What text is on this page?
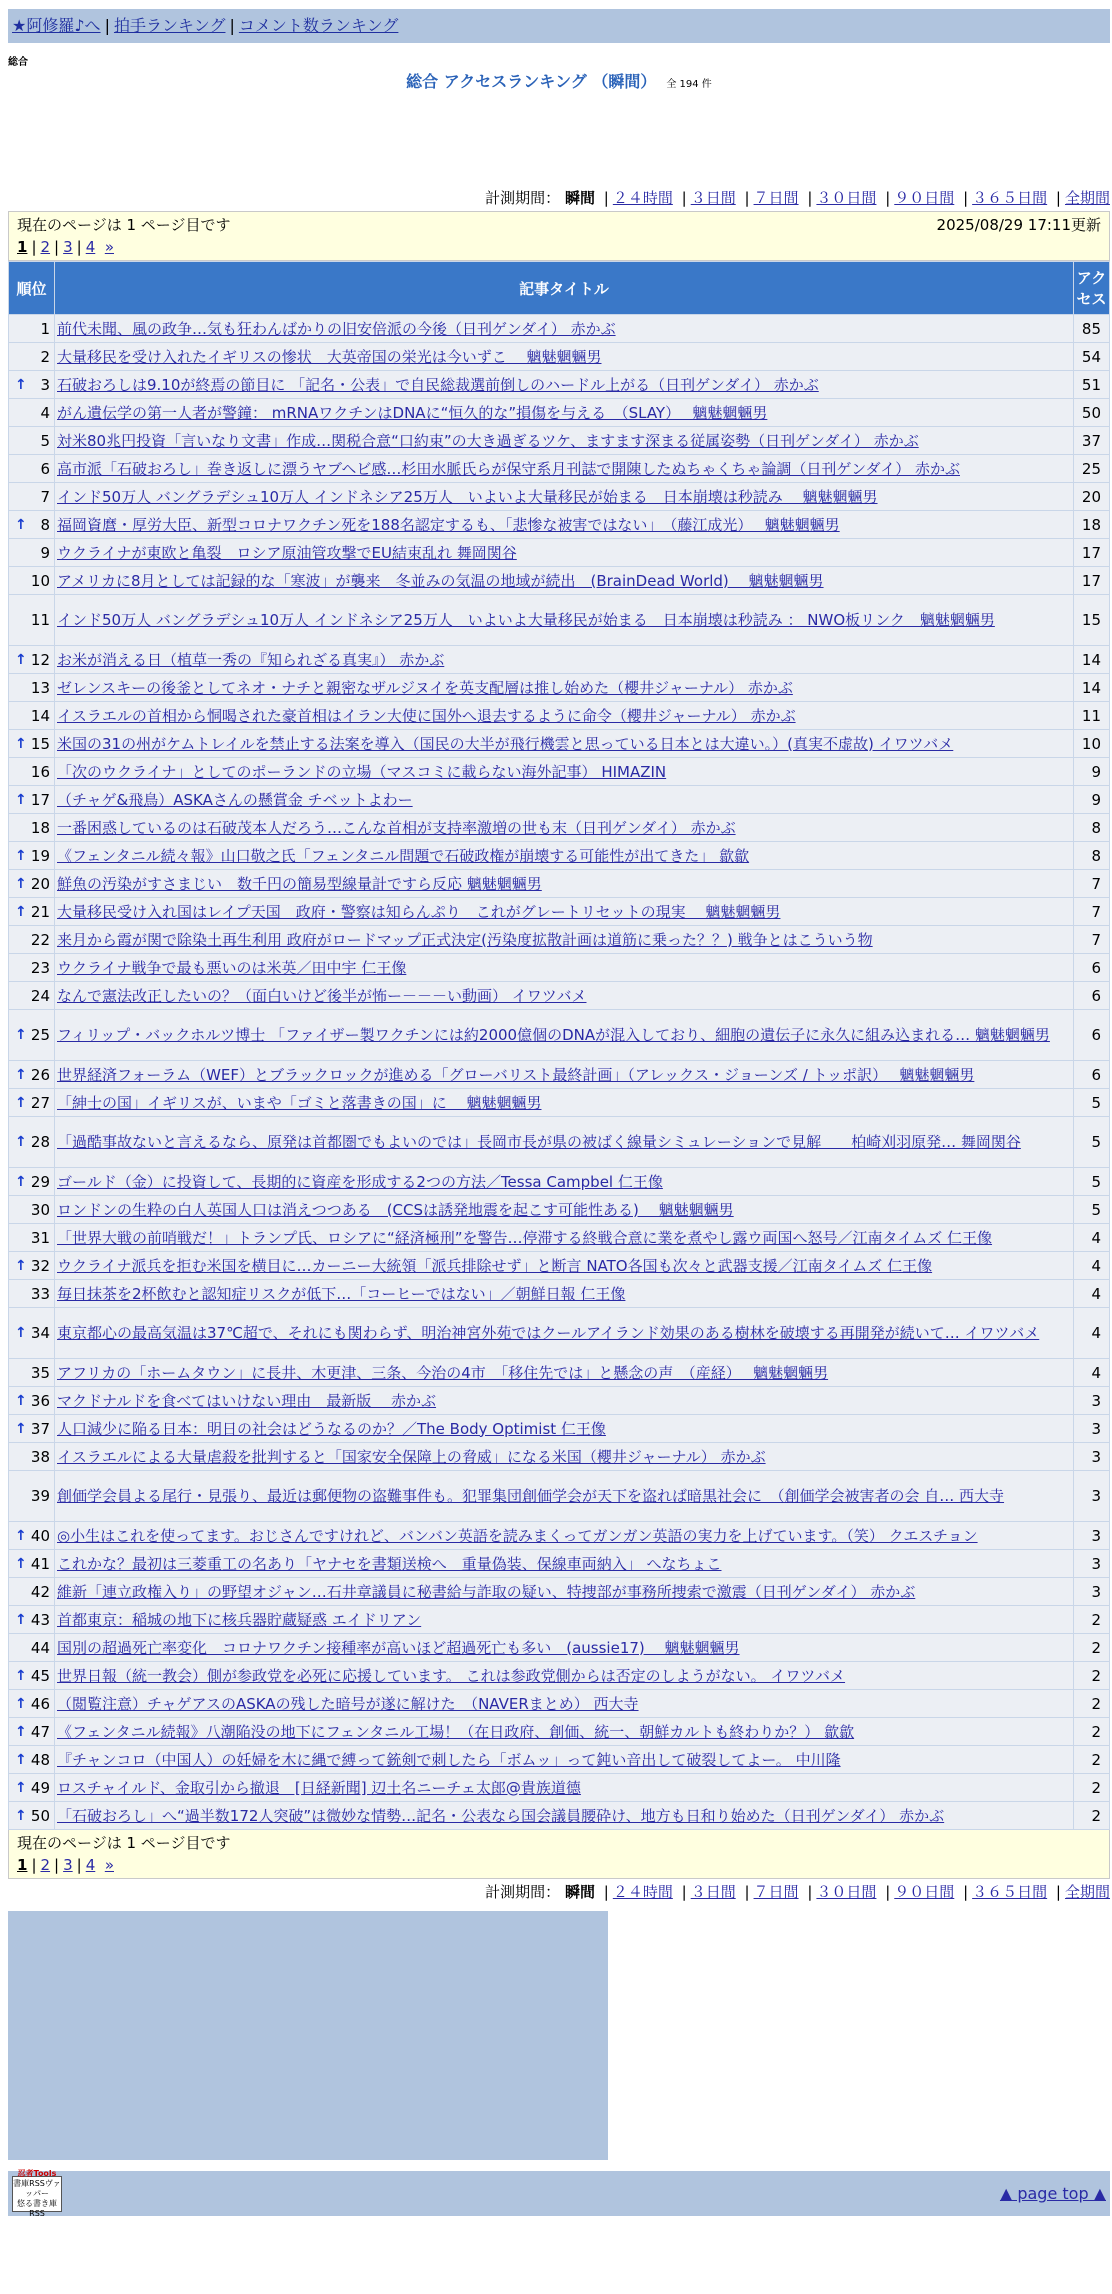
★阿修羅♪へ | 拍手ランキング | コメント数ランキング
総合
総合 アクセスランキング （瞬間） 全 194 件
計測期間： 瞬間 | ２４時間 | ３日間 | ７日間 | ３０日間 | ９０日間 | ３６５日間 | 全期間
現在のページは 1 ページ目です	2025/08/29 17:11更新
1 | 2 | 3 | 4 »
順位	記事タイトル	アクセス
1	前代未聞、風の政争…気も狂わんばかりの旧安倍派の今後（日刊ゲンダイ） 赤かぶ	85
2	大量移民を受け入れたイギリスの惨状　大英帝国の栄光は今いずこ　 魑魅魍魎男	54

↑ 3	石破おろしは9.10が終焉の節目に 「記名・公表」で自民総裁選前倒しのハードル上がる（日刊ゲンダイ） 赤かぶ	51
4	がん遺伝学の第一人者が警鐘： mRNAワクチンはDNAに“恒久的な”損傷を与える　（SLAY）　 魑魅魍魎男	50
5	対米80兆円投資「言いなり文書」作成…関税合意“口約束”の大き過ぎるツケ、ますます深まる従属姿勢（日刊ゲンダイ） 赤かぶ	37
6	高市派「石破おろし」巻き返しに漂うヤブヘビ感…杉田水脈氏らが保守系月刊誌で開陳したぬちゃくちゃ論調（日刊ゲンダイ） 赤かぶ	25
7	インド50万人 バングラデシュ10万人 インドネシア25万人　いよいよ大量移民が始まる　日本崩壊は秒読み　 魑魅魍魎男	20

↑ 8	福岡資麿・厚労大臣、新型コロナワクチン死を188名認定するも、「悲惨な被害ではない」　（藤江成光）　 魑魅魍魎男	18
9	ウクライナが東欧と亀裂　ロシア原油管攻撃でEU結束乱れ 舞岡関谷	17
10	アメリカに8月としては記録的な「寒波」が襲来　冬並みの気温の地域が続出　(BrainDead World)　 魑魅魍魎男	17
11	インド50万人 バングラデシュ10万人 インドネシア25万人　いよいよ大量移民が始まる　日本崩壊は秒読み ： NWO板リンク　魑魅魍魎男	15

↑ 12	お米が消える日（植草一秀の『知られざる真実』） 赤かぶ	14
13	ゼレンスキーの後釜としてネオ・ナチと親密なザルジヌイを英支配層は推し始めた（櫻井ジャーナル） 赤かぶ	14
14	イスラエルの首相から恫喝された豪首相はイラン大使に国外へ退去するように命令（櫻井ジャーナル） 赤かぶ	11

↑ 15	米国の31の州がケムトレイルを禁止する法案を導入（国民の大半が飛行機雲と思っている日本とは大違い。）(真実不虚故) イワツバメ	10
16	「次のウクライナ」としてのポーランドの立場（マスコミに載らない海外記事） HIMAZIN	9

↑ 17	（チャゲ&飛鳥）ASKAさんの懸賞金 チベットよわー	9
18	一番困惑しているのは石破茂本人だろう…こんな首相が支持率激増の世も末（日刊ゲンダイ） 赤かぶ	8

↑ 19	《フェンタニル続々報》山口敬之氏「フェンタニル問題で石破政権が崩壊する可能性が出てきた」 歙歙	8

↑ 20	鮮魚の汚染がすさまじい　数千円の簡易型線量計ですら反応 魑魅魍魎男	7

↑ 21	大量移民受け入れ国はレイプ天国　政府・警察は知らんぷり　これがグレートリセットの現実　 魑魅魍魎男	7
22	来月から霞が関で除染土再生利用 政府がロードマップ正式決定(汚染度拡散計画は道筋に乗った？？) 戦争とはこういう物	7
23	ウクライナ戦争で最も悪いのは米英／田中宇 仁王像	6
24	なんで憲法改正したいの？（面白いけど後半が怖ー－－－い動画） イワツバメ	6

↑ 25	フィリップ・バックホルツ博士 「ファイザー製ワクチンには約2000億個のDNAが混入しており、細胞の遺伝子に永久に組み込まれる… 魑魅魍魎男	6

↑ 26	世界経済フォーラム（WEF）とブラックロックが進める「グローバリスト最終計画」（アレックス・ジョーンズ / トッポ訳）　 魑魅魍魎男	6

↑ 27	「紳士の国」イギリスが、いまや「ゴミと落書きの国」に　 魑魅魍魎男	5

↑ 28	「過酷事故ないと言えるなら、原発は首都圏でもよいのでは」長岡市長が県の被ばく線量シミュレーションで見解　　柏崎刈羽原発… 舞岡関谷	5

↑ 29	ゴールド（金）に投資して、長期的に資産を形成する2つの方法／Tessa Campbel 仁王像	5
30	ロンドンの生粋の白人英国人口は消えつつある　(CCSは誘発地震を起こす可能性ある)　 魑魅魍魎男	5
31	「世界大戦の前哨戦だ！」トランプ氏、ロシアに“経済極刑”を警告…停滞する終戦合意に業を煮やし露ウ両国へ怒号／江南タイムズ 仁王像	4

↑ 32	ウクライナ派兵を拒む米国を横目に…カーニー大統領「派兵排除せず」と断言 NATO各国も次々と武器支援／江南タイムズ 仁王像	4
33	毎日抹茶を2杯飲むと認知症リスクが低下…「コーヒーではない」／朝鮮日報 仁王像	4

↑ 34	東京都心の最高気温は37℃超で、それにも関わらず、明治神宮外苑ではクールアイランド効果のある樹林を破壊する再開発が続いて… イワツバメ	4
35	アフリカの「ホームタウン」に長井、木更津、三条、今治の4市　「移住先では」と懸念の声　（産経）　 魑魅魍魎男	4

↑ 36	マクドナルドを食べてはいけない理由　最新版　 赤かぶ	3

↑ 37	人口減少に陥る日本：明日の社会はどうなるのか？／The Body Optimist 仁王像	3
38	イスラエルによる大量虐殺を批判すると「国家安全保障上の脅威」になる米国（櫻井ジャーナル） 赤かぶ	3
39	創価学会員よる尾行・見張り、最近は郵便物の盗難事件も。犯罪集団創価学会が天下を盗れば暗黒社会に　（創価学会被害者の会 自… 西大寺	3

↑ 40	◎小生はこれを使ってます。おじさんですけれど、バンバン英語を読みまくってガンガン英語の実力を上げています。（笑） クエスチョン	3

↑ 41	これかな？最初は三菱重工の名あり「ヤナセを書類送検へ　重量偽装、保線車両納入」 へなちょこ	3
42	維新「連立政権入り」の野望オジャン…石井章議員に秘書給与詐取の疑い、特捜部が事務所捜索で激震（日刊ゲンダイ） 赤かぶ	3

↑ 43	首都東京：稲城の地下に核兵器貯蔵疑惑 エイドリアン	2
44	国別の超過死亡率変化　コロナワクチン接種率が高いほど超過死亡も多い　(aussie17)　 魑魅魍魎男	2

↑ 45	世界日報（統一教会）側が参政党を必死に応援しています。 これは参政党側からは否定のしようがない。 イワツバメ	2

↑ 46	（閲覧注意）チャゲアスのASKAの残した暗号が遂に解けた　（NAVERまとめ） 西大寺	2

↑ 47	《フェンタニル続報》八潮陥没の地下にフェンタニル工場！（在日政府、創価、統一、朝鮮カルトも終わりか？） 歙歙	2

↑ 48	『チャンコロ（中国人）の妊婦を木に縄で縛って銃剣で刺したら「ボムッ」って鈍い音出して破裂してよー。 中川隆	2

↑ 49	ロスチャイルド、金取引から撤退　[日経新聞] 辺土名ニーチェ太郎@貴族道德	2

↑ 50	「石破おろし」へ“過半数172人突破”は微妙な情勢…記名・公表なら国会議員腰砕け、地方も日和り始めた（日刊ゲンダイ） 赤かぶ	2
現在のページは 1 ページ目です
1 | 2 | 3 | 4 »
計測期間： 瞬間 | ２４時間 | ３日間 | ７日間 | ３０日間 | ９０日間 | ３６５日間 | 全期間
忍者Tools
書庫RSSヴァッパー
悠る書き庫RSS
▲ page top ▲
